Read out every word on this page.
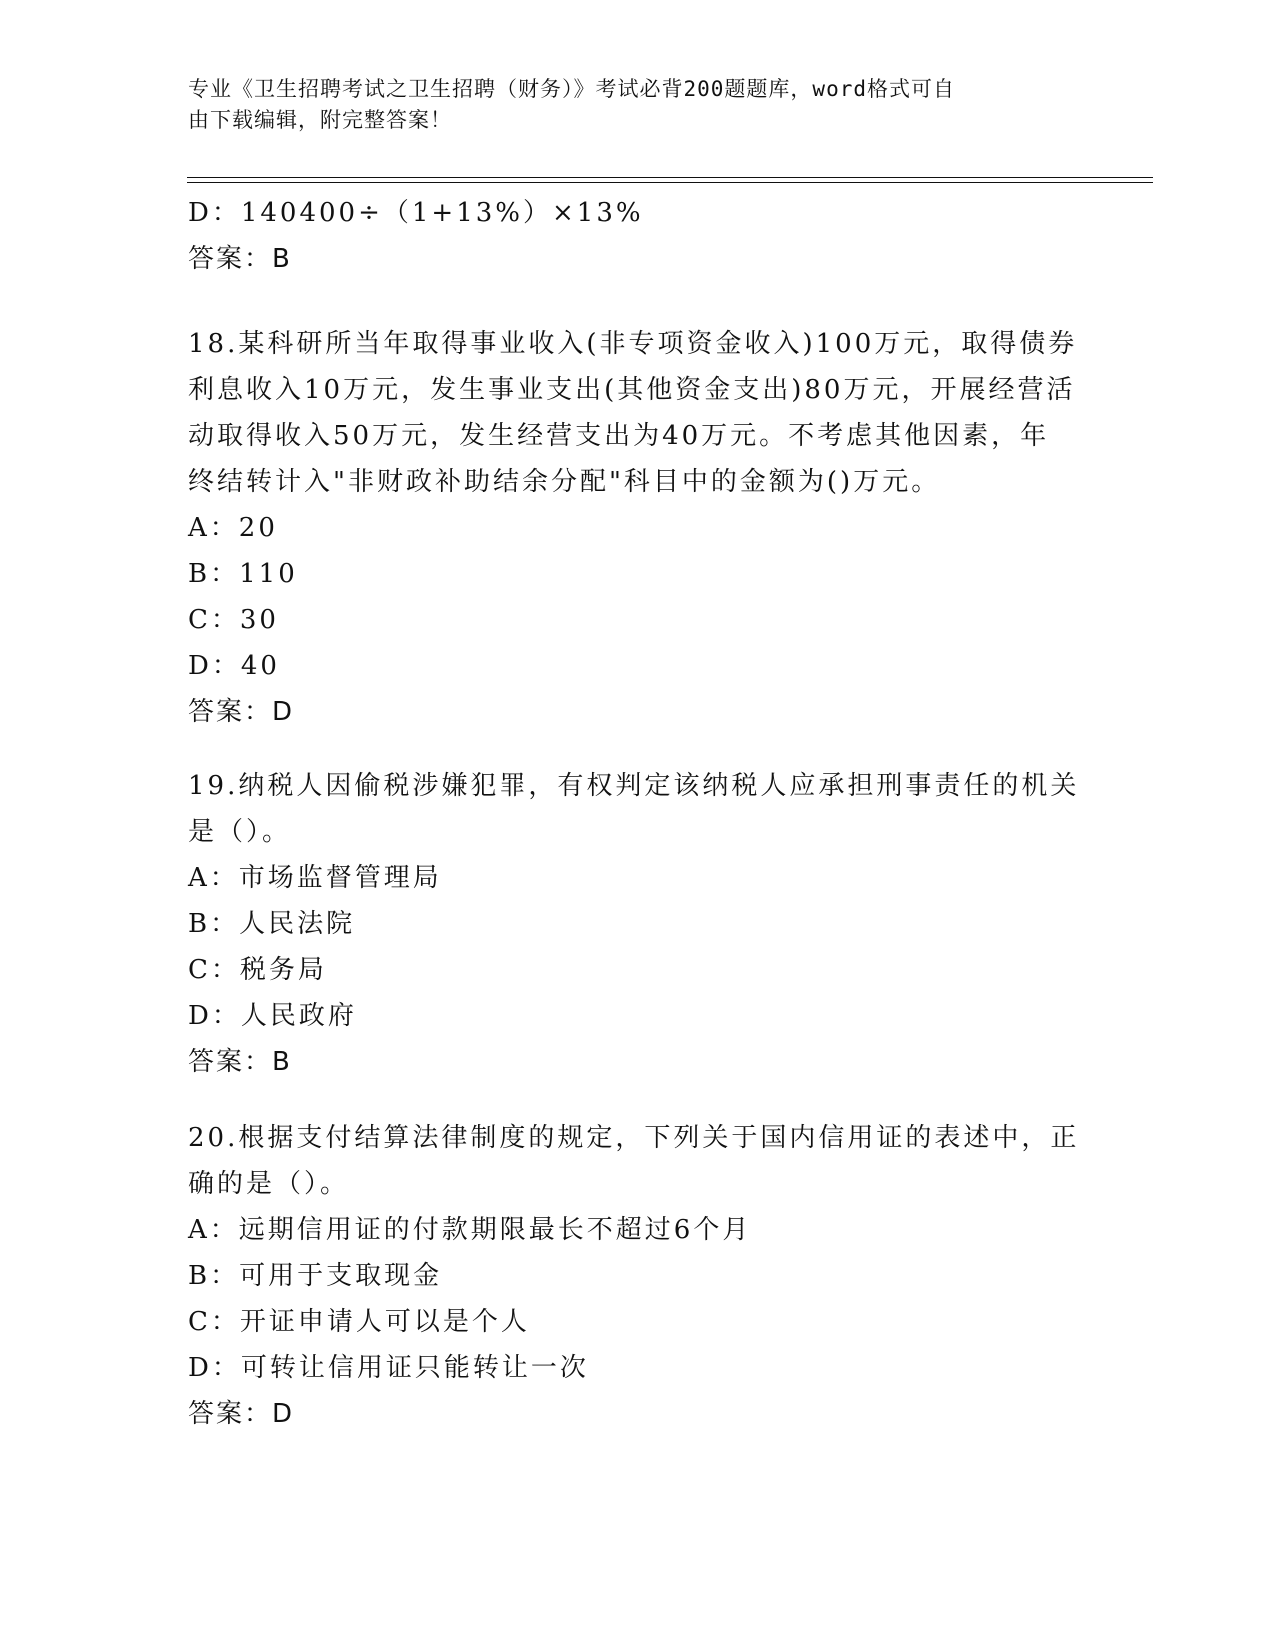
专业《卫生招聘考试之卫生招聘（财务）》考试必背200题题库，word格式可自
由下载编辑，附完整答案！
D：140400÷（1+13%）×13%
答案：B
18.某科研所当年取得事业收入(非专项资金收入)100万元，取得债券
利息收入10万元，发生事业支出(其他资金支出)80万元，开展经营活
动取得收入50万元，发生经营支出为40万元。不考虑其他因素，年
终结转计入"非财政补助结余分配"科目中的金额为()万元。
A：20
B：110
C：30
D：40
答案：D
19.纳税人因偷税涉嫌犯罪，有权判定该纳税人应承担刑事责任的机关
是（）。
A：市场监督管理局
B：人民法院
C：税务局
D：人民政府
答案：B
20.根据支付结算法律制度的规定，下列关于国内信用证的表述中，正
确的是（）。
A：远期信用证的付款期限最长不超过6个月
B：可用于支取现金
C：开证申请人可以是个人
D：可转让信用证只能转让一次
答案：D
